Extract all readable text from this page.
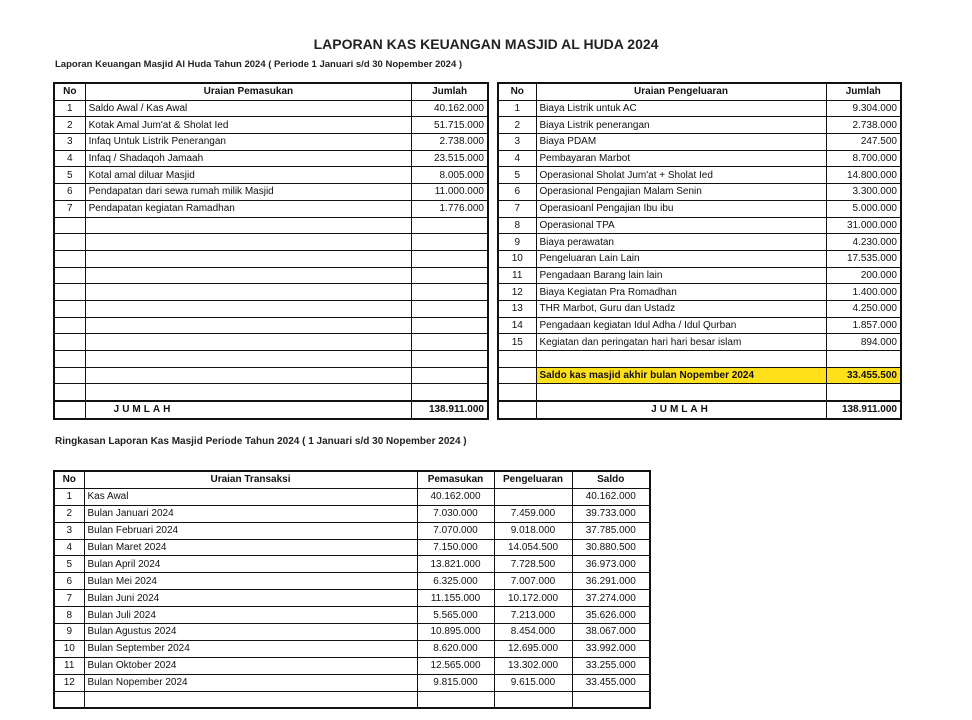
LAPORAN KAS KEUANGAN MASJID AL HUDA 2024
Laporan Keuangan Masjid Al Huda Tahun 2024 ( Periode 1 Januari s/d 30 Nopember 2024 )
No	Uraian Pemasukan	Jumlah
1	Saldo Awal / Kas Awal	40.162.000
2	Kotak Amal Jum'at & Sholat Ied	51.715.000
3	Infaq Untuk Listrik Penerangan	2.738.000
4	Infaq / Shadaqoh Jamaah	23.515.000
5	Kotal amal diluar Masjid	8.005.000
6	Pendapatan dari sewa rumah milik Masjid	11.000.000
7	Pendapatan kegiatan Ramadhan	1.776.000

	JUMLAH	138.911.000
No	Uraian Pengeluaran	Jumlah
1	Biaya Listrik untuk AC	9.304.000
2	Biaya Listrik penerangan	2.738.000
3	Biaya PDAM	247.500
4	Pembayaran Marbot	8.700.000
5	Operasional Sholat Jum'at + Sholat Ied	14.800.000
6	Operasional Pengajian Malam Senin	3.300.000
7	Operasioanl Pengajian Ibu ibu	5.000.000
8	Operasional TPA	31.000.000
9	Biaya perawatan	4.230.000
10	Pengeluaran Lain Lain	17.535.000
11	Pengadaan Barang lain lain	200.000
12	Biaya Kegiatan Pra Romadhan	1.400.000
13	THR Marbot, Guru dan Ustadz	4.250.000
14	Pengadaan kegiatan Idul Adha / Idul Qurban	1.857.000
15	Kegiatan dan peringatan hari hari besar islam	894.000

	Saldo kas masjid akhir bulan Nopember 2024	33.455.500

	JUMLAH	138.911.000
Ringkasan Laporan Kas Masjid Periode Tahun 2024 ( 1 Januari s/d 30 Nopember 2024 )
No	Uraian Transaksi	Pemasukan	Pengeluaran	Saldo
1	Kas Awal	40.162.000		40.162.000
2	Bulan Januari 2024	7.030.000	7.459.000	39.733.000
3	Bulan Februari 2024	7.070.000	9.018.000	37.785.000
4	Bulan Maret 2024	7.150.000	14.054.500	30.880.500
5	Bulan April 2024	13.821.000	7.728.500	36.973.000
6	Bulan Mei 2024	6.325.000	7.007.000	36.291.000
7	Bulan Juni 2024	11.155.000	10.172.000	37.274.000
8	Bulan Juli 2024	5.565.000	7.213.000	35.626.000
9	Bulan Agustus 2024	10.895.000	8.454.000	38.067.000
10	Bulan September 2024	8.620.000	12.695.000	33.992.000
11	Bulan Oktober 2024	12.565.000	13.302.000	33.255.000
12	Bulan Nopember 2024	9.815.000	9.615.000	33.455.000
